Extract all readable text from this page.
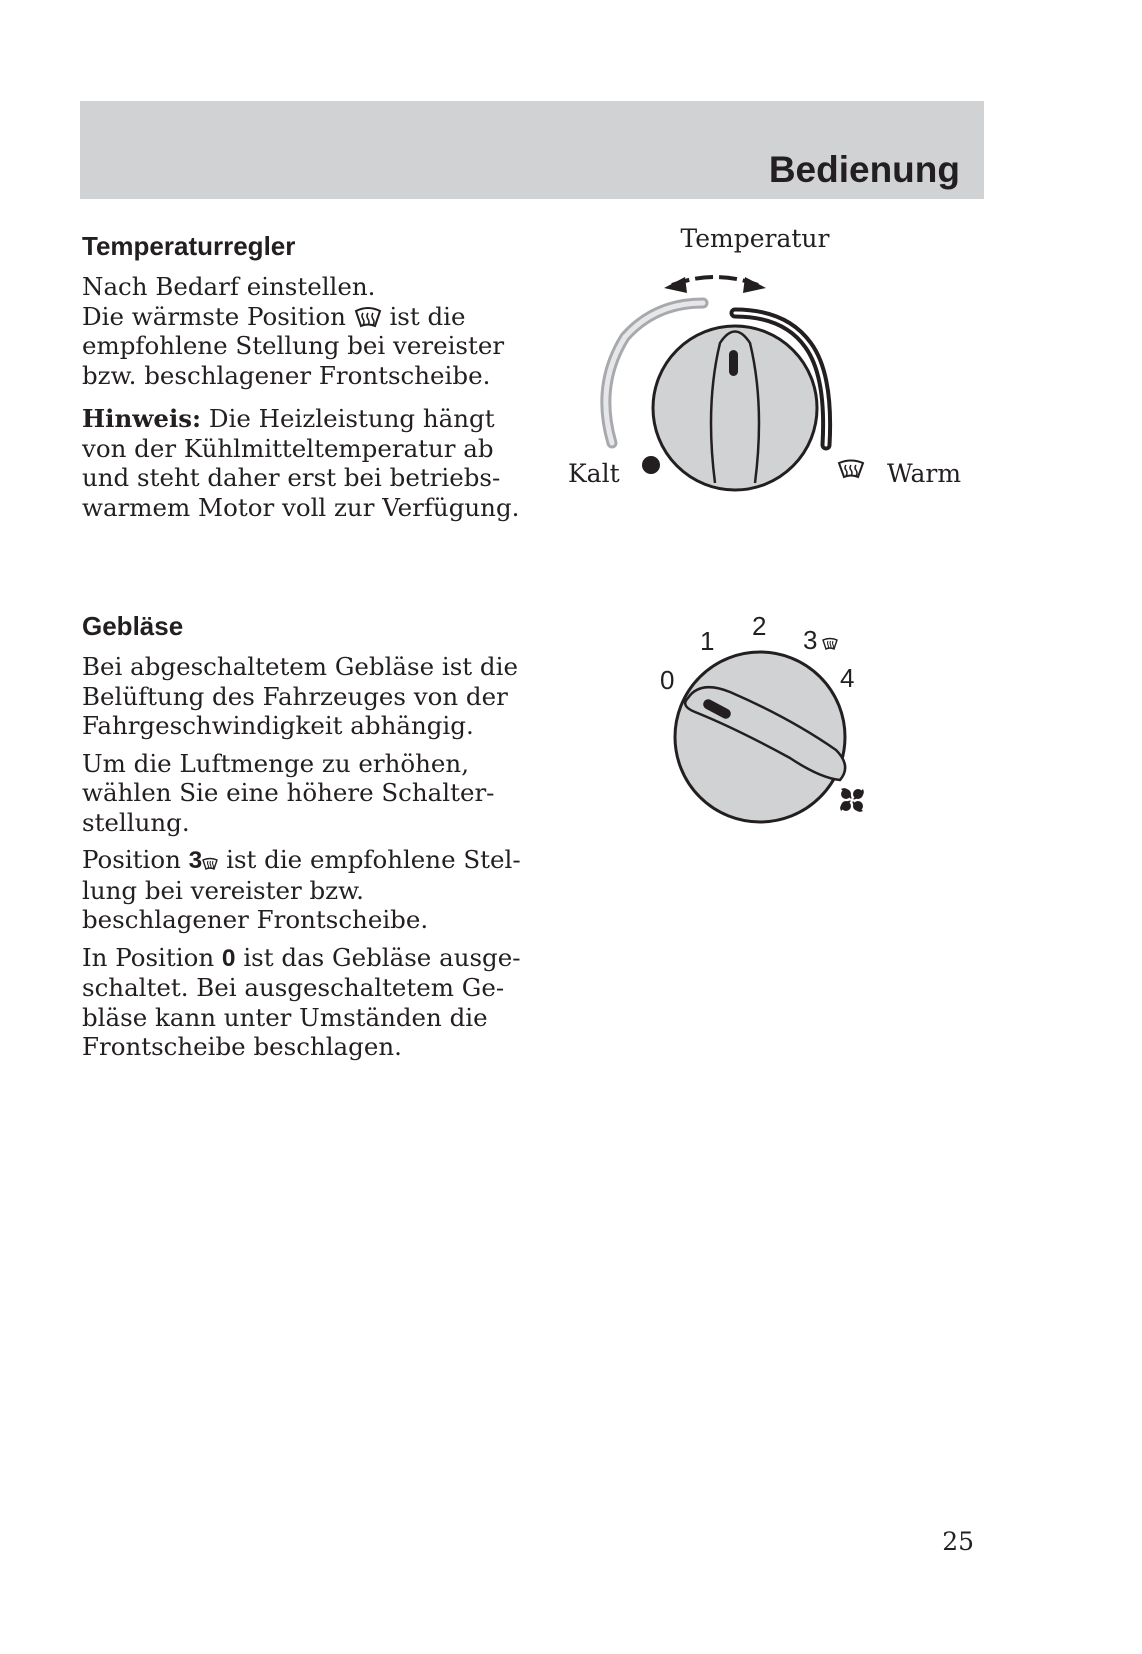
Bedienung
Temperaturregler

Nach Bedarf einstellen.
Die wärmste Position ist die empfohlene Stellung bei vereister bzw. beschlagener Frontscheibe.

Hinweis: Die Heizleistung hängt von der Kühlmitteltemperatur ab und steht daher erst bei betriebs- warmem Motor voll zur Verfügung.

Temperatur
Kalt	Warm
Gebläse

Bei abgeschaltetem Gebläse ist die Belüftung des Fahrzeuges von der Fahrgeschwindigkeit abhängig.

Um die Luftmenge zu erhöhen, wählen Sie eine höhere Schalter- stellung.

Position 3 ist die empfohlene Stel- lung bei vereister bzw. beschlagener Frontscheibe.

In Position 0 ist das Gebläse ausge- schaltet. Bei ausgeschaltetem Ge- bläse kann unter Umständen die Frontscheibe beschlagen.

0
1 2 3
4
25
